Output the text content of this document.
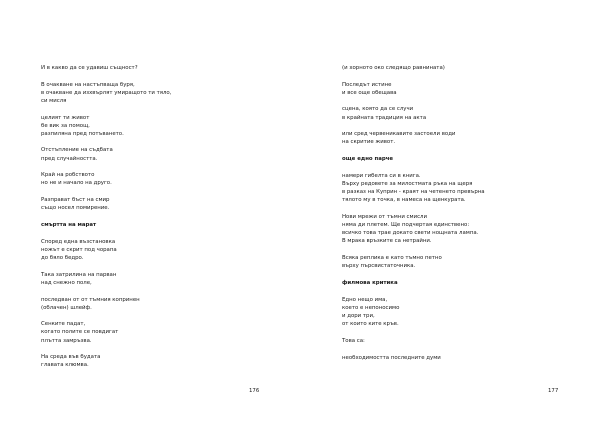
И в какво да се удавиш същност?
В очакване на настъпваща буря,
в очакване да изхвърлят умиращото ти тяло,
си мисля
целият ти живот
бе вик за помощ,
разпиляна пред потъването.
Отстъпление на съдбата
пред случайността.
Край на робството
но не и начало на друго.
Разправат бъст на смир
също носел помирение.
смъртта на марат
Според една възстановка
ножът е скрит под чорапа
до бяло бедро.
Така затрилина на парван
над снежно поле,
последван от от тъмния копринен
(облачен) шлейф.
Сенките падат,
когато полите се повдигат
плътта замръзва.
На среда във будата
главата клюмва.
176
(и хорното око следящо равнината)
Последът истине
и все още обещава
сцена, която да се случи
в крайната традиция на акта
или сред червеникавите застоели води
на скритие живот.
още едно парче
намери гибелта си в книга.
Върху редовете за милостмата ръка на щеря
в разказ на Куприн - краят на четенето превърна
тялото му в точка, в намеса на щенкурата.
Нови мрежи от тъмни смисли
няма ди плетем. Ще подчертая единствено:
всичко това трае докато свети нощната лампа.
В мрака връзките са нетрайни.
Всяка реплика е като тъмно петно
върху пърсвистаточника.
филмова критика
Едно нещо има,
което е непоносимо
и дори три,
от които ките кръв.
Това са:
необходимостта последните думи
177
